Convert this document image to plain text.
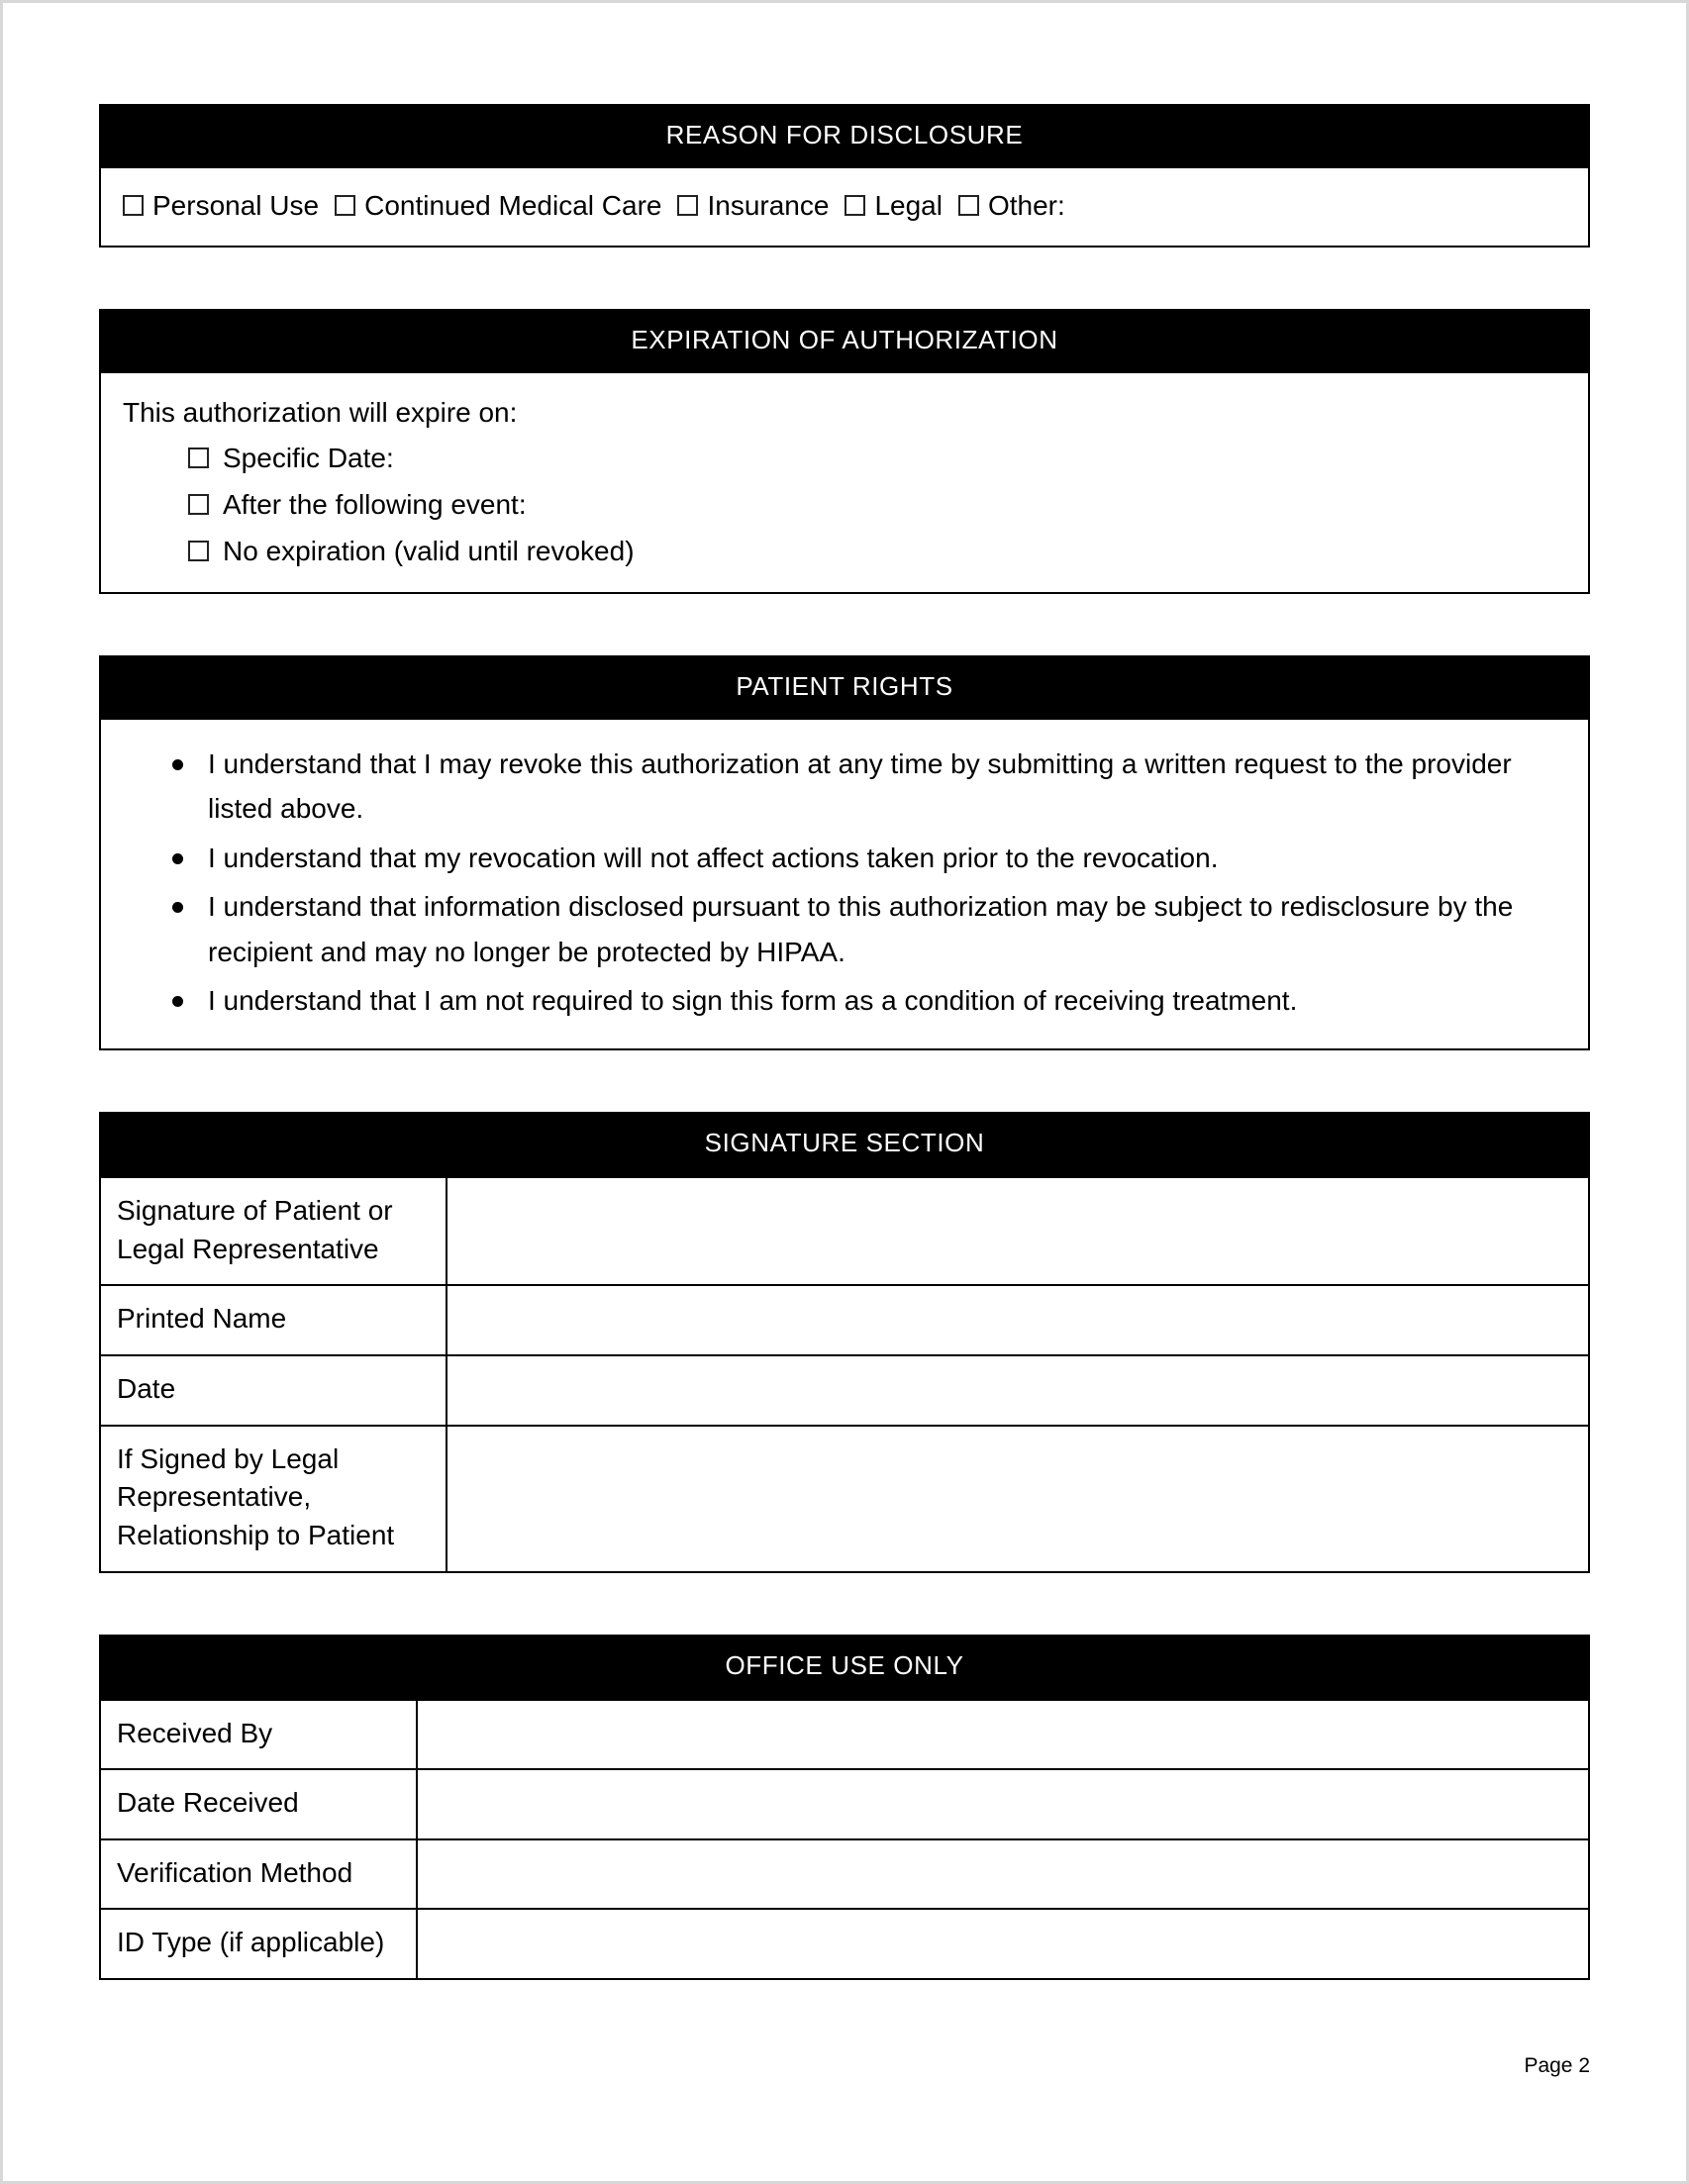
REASON FOR DISCLOSURE
Personal Use Continued Medical Care Insurance Legal Other:
EXPIRATION OF AUTHORIZATION
This authorization will expire on:
Specific Date:
After the following event:
No expiration (valid until revoked)
PATIENT RIGHTS
I understand that I may revoke this authorization at any time by submitting a written request to the provider listed above.
I understand that my revocation will not affect actions taken prior to the revocation.
I understand that information disclosed pursuant to this authorization may be subject to redisclosure by the recipient and may no longer be protected by HIPAA.
I understand that I am not required to sign this form as a condition of receiving treatment.
SIGNATURE SECTION
Signature of Patient or Legal Representative	
Printed Name	
Date	
If Signed by Legal Representative, Relationship to Patient	
OFFICE USE ONLY
Received By	
Date Received	
Verification Method	
ID Type (if applicable)	
Page 2
